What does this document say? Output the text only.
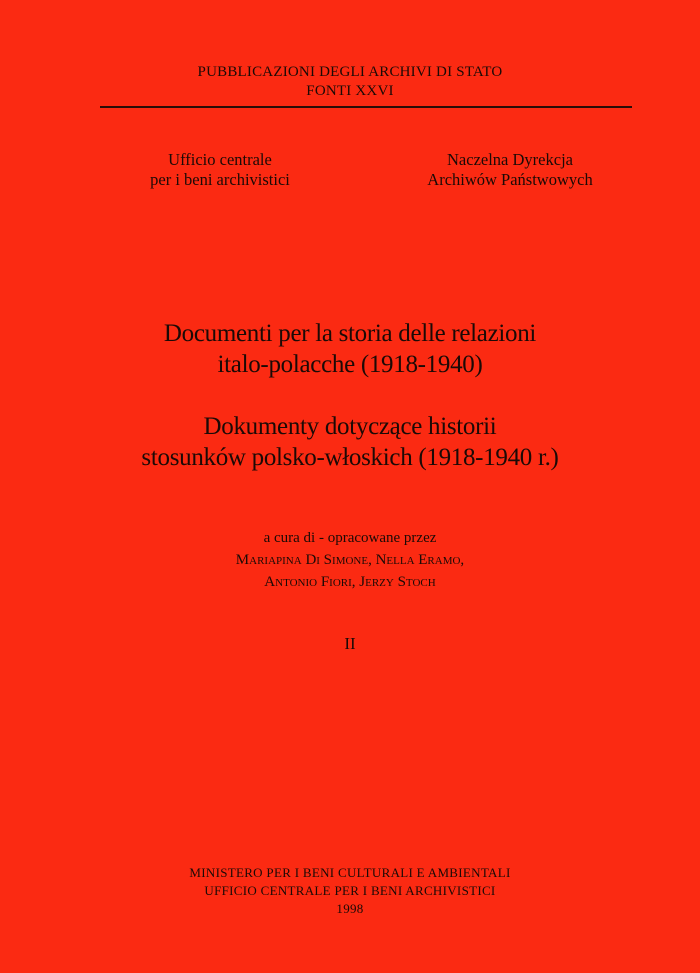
PUBBLICAZIONI DEGLI ARCHIVI DI STATO
FONTI XXVI
Ufficio centrale
per i beni archivistici
Naczelna Dyrekcja
Archiwów Państwowych
Documenti per la storia delle relazioni
italo-polacche (1918-1940)
Dokumenty dotyczące historii
stosunków polsko-włoskich (1918-1940 r.)
a cura di - opracowane przez
Mariapina Di Simone, Nella Eramo,
Antonio Fiori, Jerzy Stoch
II
MINISTERO PER I BENI CULTURALI E AMBIENTALI
UFFICIO CENTRALE PER I BENI ARCHIVISTICI
1998
